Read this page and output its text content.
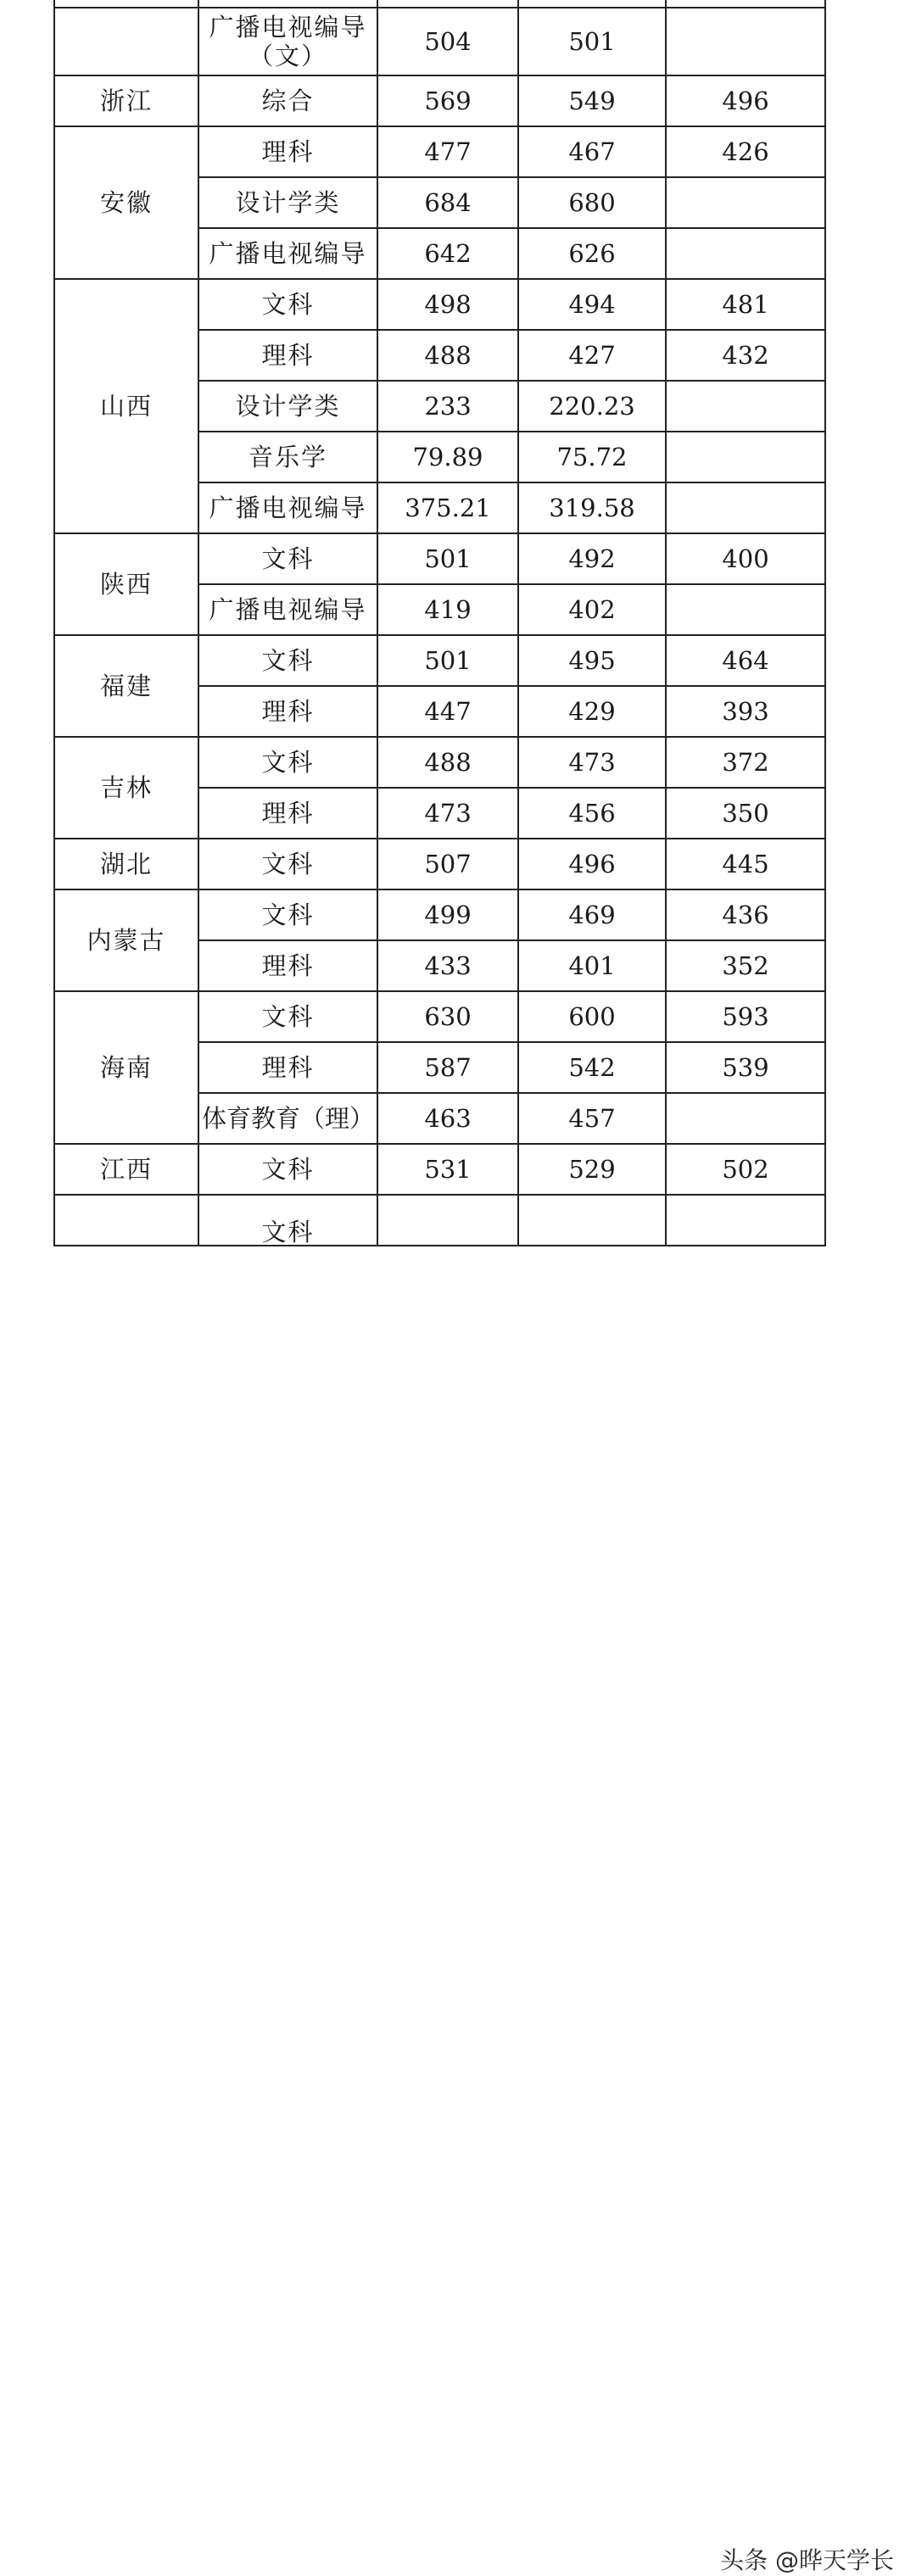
	广播电视编导
（文）	504	501	
浙江	综合	569	549	496
安徽	理科	477	467	426
	设计学类	684	680	
	广播电视编导	642	626	
山西	文科	498	494	481
	理科	488	427	432
	设计学类	233	220.23	
	音乐学	79.89	75.72	
	广播电视编导	375.21	319.58	
陕西	文科	501	492	400
	广播电视编导	419	402	
福建	文科	501	495	464
	理科	447	429	393
吉林	文科	488	473	372
	理科	473	456	350
湖北	文科	507	496	445
内蒙古	文科	499	469	436
	理科	433	401	352
海南	文科	630	600	593
	理科	587	542	539
	体育教育（理）	463	457	
江西	文科	531	529	502
	文科			
头条 @晔天学长
